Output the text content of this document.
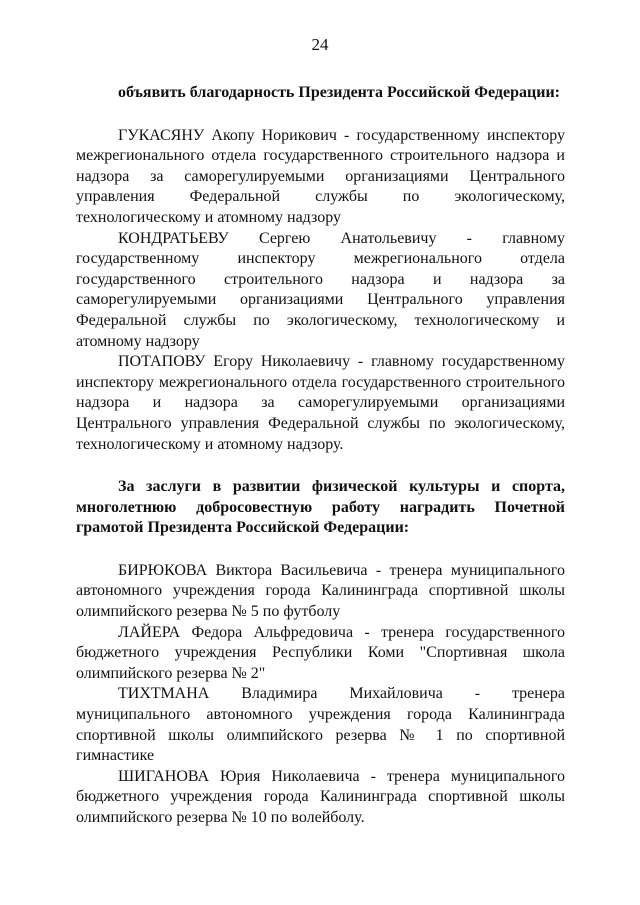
24

объявить благодарность Президента Российской Федерации:

ГУКАСЯНУ Акопу Норикович - государственному инспектору межрегионального отдела государственного строительного надзора и надзора за саморегулируемыми организациями Центрального управления Федеральной службы по экологическому, технологическому и атомному надзору

КОНДРАТЬЕВУ Сергею Анатольевичу - главному государственному инспектору межрегионального отдела государственного строительного надзора и надзора за саморегулируемыми организациями Центрального управления Федеральной службы по экологическому, технологическому и атомному надзору

ПОТАПОВУ Егору Николаевичу - главному государственному инспектору межрегионального отдела государственного строительного надзора и надзора за саморегулируемыми организациями Центрального управления Федеральной службы по экологическому, технологическому и атомному надзору.

За заслуги в развитии физической культуры и спорта, многолетнюю добросовестную работу наградить Почетной грамотой Президента Российской Федерации:

БИРЮКОВА Виктора Васильевича - тренера муниципального автономного учреждения города Калининграда спортивной школы олимпийского резерва № 5 по футболу

ЛАЙЕРА Федора Альфредовича - тренера государственного бюджетного учреждения Республики Коми "Спортивная школа олимпийского резерва № 2"

ТИХТМАНА Владимира Михайловича - тренера муниципального автономного учреждения города Калининграда спортивной школы олимпийского резерва № 1 по спортивной гимнастике

ШИГАНОВА Юрия Николаевича - тренера муниципального бюджетного учреждения города Калининграда спортивной школы олимпийского резерва № 10 по волейболу.
